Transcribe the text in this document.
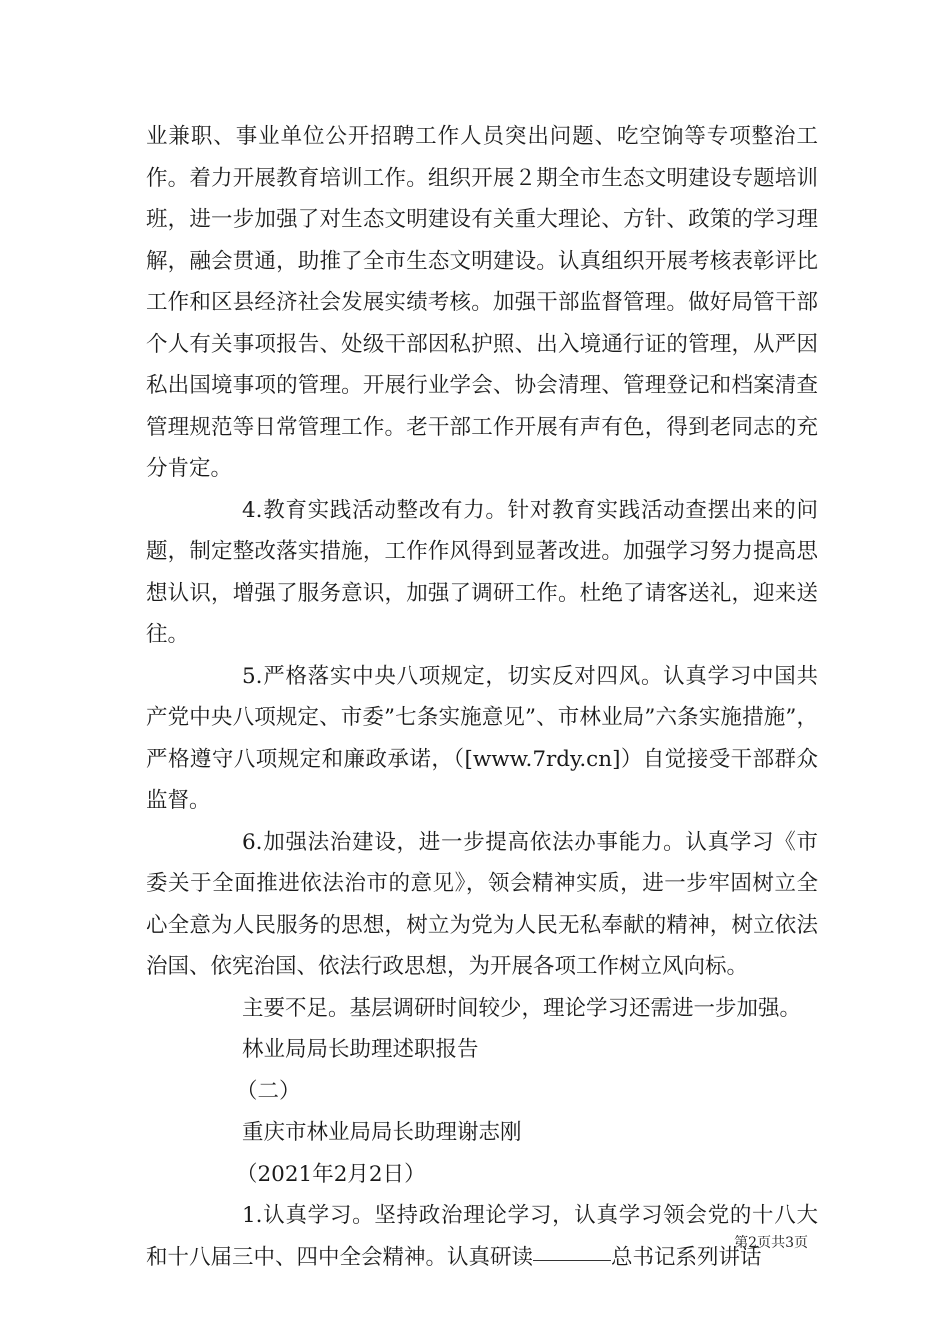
业兼职、事业单位公开招聘工作人员突出问题、吃空饷等专项整治工作。着力开展教育培训工作。组织开展２期全市生态文明建设专题培训班，进一步加强了对生态文明建设有关重大理论、方针、政策的学习理解，融会贯通，助推了全市生态文明建设。认真组织开展考核表彰评比工作和区县经济社会发展实绩考核。加强干部监督管理。做好局管干部个人有关事项报告、处级干部因私护照、出入境通行证的管理，从严因私出国境事项的管理。开展行业学会、协会清理、管理登记和档案清查管理规范等日常管理工作。老干部工作开展有声有色，得到老同志的充分肯定。

4.教育实践活动整改有力。针对教育实践活动查摆出来的问题，制定整改落实措施，工作作风得到显著改进。加强学习努力提高思想认识，增强了服务意识，加强了调研工作。杜绝了请客送礼，迎来送往。

5.严格落实中央八项规定，切实反对四风。认真学习中国共产党中央八项规定、市委”七条实施意见”、市林业局”六条实施措施”，严格遵守八项规定和廉政承诺，（[www.7rdy.cn]）自觉接受干部群众监督。

6.加强法治建设，进一步提高依法办事能力。认真学习《市委关于全面推进依法治市的意见》，领会精神实质，进一步牢固树立全心全意为人民服务的思想，树立为党为人民无私奉献的精神，树立依法治国、依宪治国、依法行政思想，为开展各项工作树立风向标。

主要不足。基层调研时间较少，理论学习还需进一步加强。

林业局局长助理述职报告

（二）

重庆市林业局局长助理谢志刚

（2021年2月2日）

1.认真学习。坚持政治理论学习，认真学习领会党的十八大和十八届三中、四中全会精神。认真研读	总书记系列讲话

第2页共3页
